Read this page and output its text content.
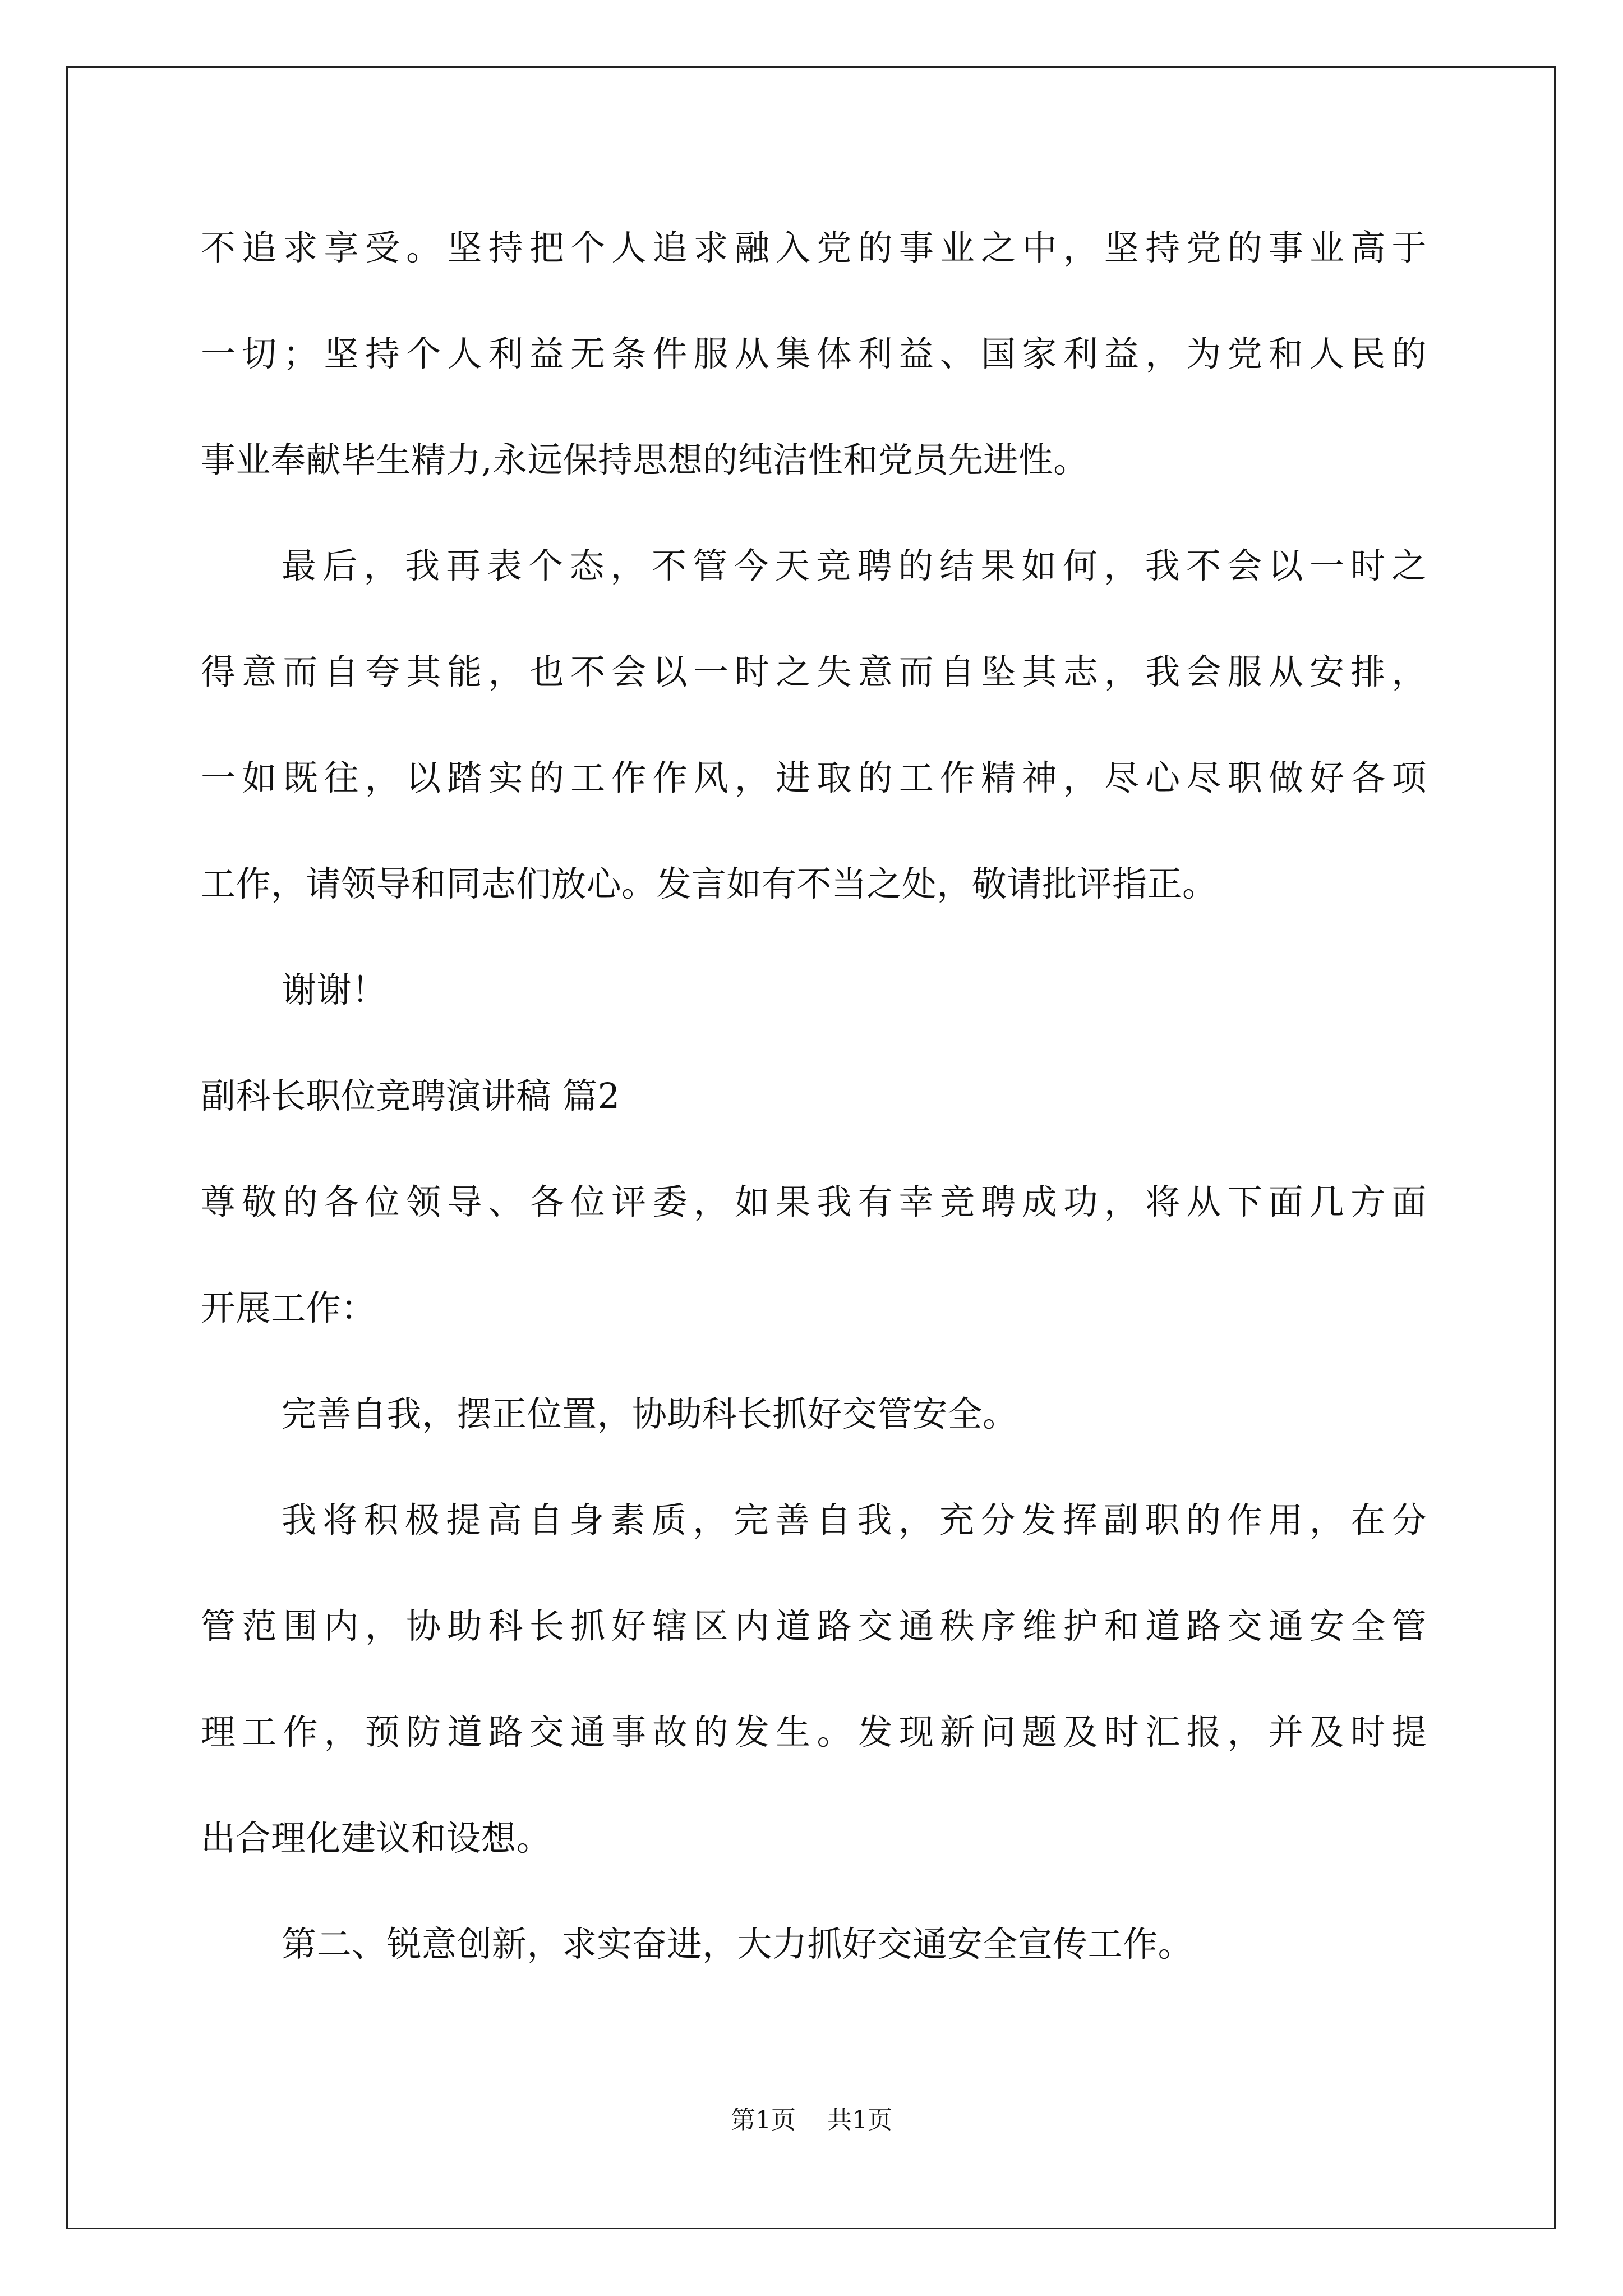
不追求享受。坚持把个人追求融入党的事业之中，坚持党的事业高于

一切；坚持个人利益无条件服从集体利益、国家利益，为党和人民的

事业奉献毕生精力,永远保持思想的纯洁性和党员先进性。

最后，我再表个态，不管今天竞聘的结果如何，我不会以一时之

得意而自夸其能，也不会以一时之失意而自坠其志，我会服从安排，

一如既往，以踏实的工作作风，进取的工作精神，尽心尽职做好各项

工作，请领导和同志们放心。发言如有不当之处，敬请批评指正。

谢谢！

副科长职位竞聘演讲稿 篇2

尊敬的各位领导、各位评委，如果我有幸竞聘成功，将从下面几方面

开展工作：

完善自我，摆正位置，协助科长抓好交管安全。

我将积极提高自身素质，完善自我，充分发挥副职的作用，在分

管范围内，协助科长抓好辖区内道路交通秩序维护和道路交通安全管

理工作，预防道路交通事故的发生。发现新问题及时汇报，并及时提

出合理化建议和设想。

第二、锐意创新，求实奋进，大力抓好交通安全宣传工作。

第1页 共1页
